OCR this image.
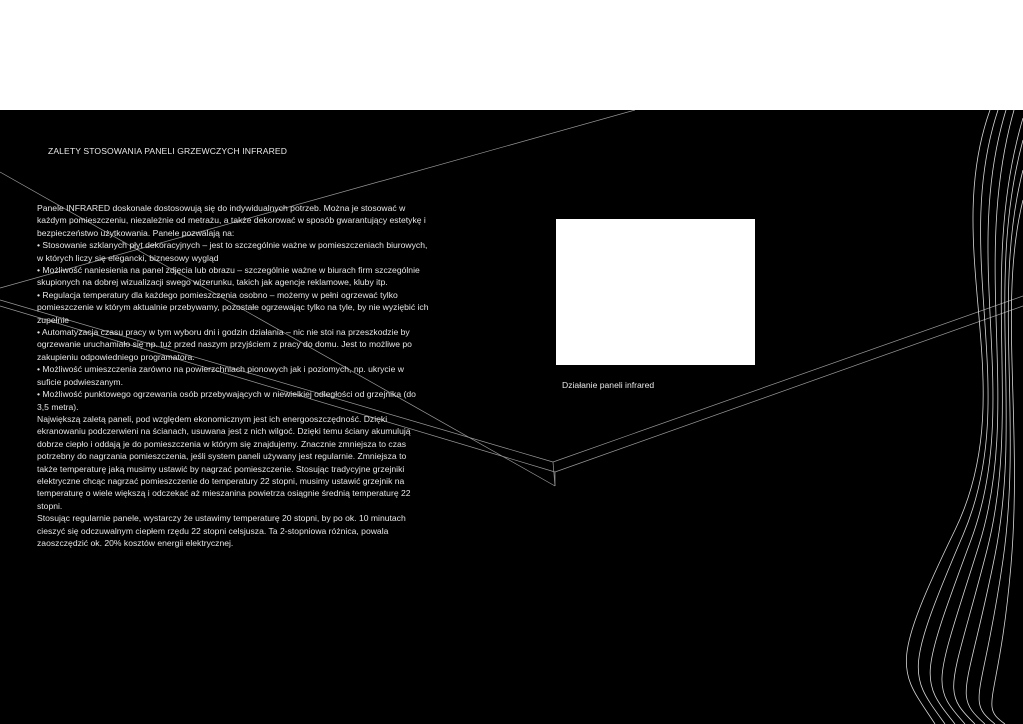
ZALETY STOSOWANIA PANELI GRZEWCZYCH INFRARED

Panele INFRARED doskonale dostosowują się do indywidualnych potrzeb. Można je stosować w każdym pomieszczeniu, niezależnie od metrażu, a także dekorować w sposób gwarantujący estetykę i bezpieczeństwo użytkowania. Panele pozwalają na:

• Stosowanie szklanych płyt dekoracyjnych – jest to szczególnie ważne w pomieszczeniach biurowych, w których liczy się elegancki, biznesowy wygląd

• Możliwość naniesienia na panel zdjęcia lub obrazu – szczególnie ważne w biurach firm szczególnie skupionych na dobrej wizualizacji swego wizerunku, takich jak agencje reklamowe, kluby itp.

• Regulacja temperatury dla każdego pomieszczenia osobno – możemy w pełni ogrzewać tylko pomieszczenie w którym aktualnie przebywamy, pozostałe ogrzewając tylko na tyle, by nie wyziębić ich zupełnie

• Automatyzacja czasu pracy w tym wyboru dni i godzin działania – nic nie stoi na przeszkodzie by ogrzewanie uruchamiało się np. tuż przed naszym przyjściem z pracy do domu. Jest to możliwe po zakupieniu odpowiedniego programatora.

• Możliwość umieszczenia zarówno na powierzchniach pionowych jak i poziomych, np. ukrycie w suficie podwieszanym.

• Możliwość punktowego ogrzewania osób przebywających w niewielkiej odległości od grzejnika (do 3,5 metra).

Największą zaletą paneli, pod względem ekonomicznym jest ich energooszczędność. Dzięki ekranowaniu podczerwieni na ścianach, usuwana jest z nich wilgoć. Dzięki temu ściany akumulują dobrze ciepło i oddają je do pomieszczenia w którym się znajdujemy. Znacznie zmniejsza to czas potrzebny do nagrzania pomieszczenia, jeśli system paneli używany jest regularnie. Zmniejsza to także temperaturę jaką musimy ustawić by nagrzać pomieszczenie. Stosując tradycyjne grzejniki elektryczne chcąc nagrzać pomieszczenie do temperatury 22 stopni, musimy ustawić grzejnik na temperaturę o wiele większą i odczekać aż mieszanina powietrza osiągnie średnią temperaturę 22 stopni.

Stosując regularnie panele, wystarczy że ustawimy temperaturę 20 stopni, by po ok. 10 minutach cieszyć się odczuwalnym ciepłem rzędu 22 stopni celsjusza. Ta 2-stopniowa różnica, powala zaoszczędzić ok. 20% kosztów energii elektrycznej.

Działanie paneli infrared
